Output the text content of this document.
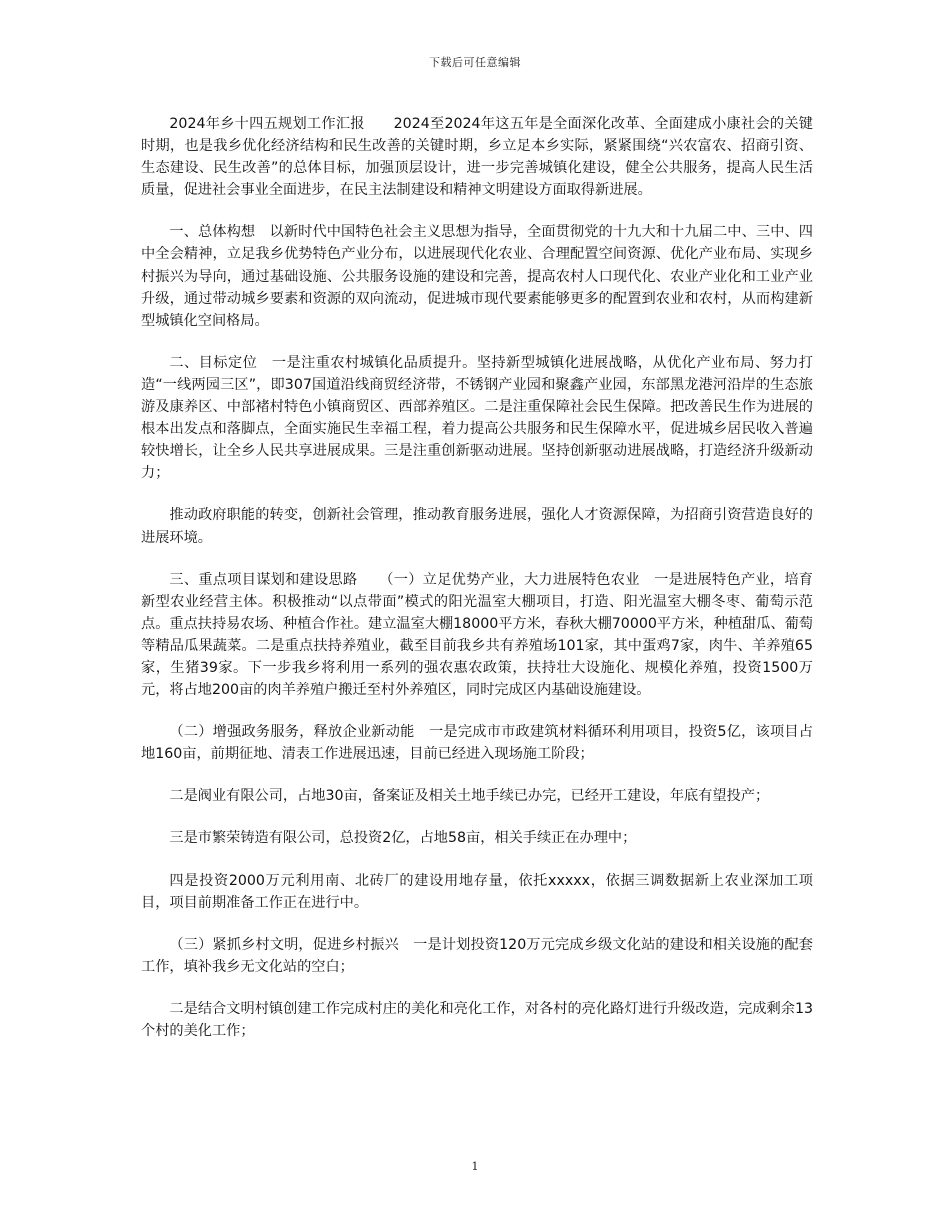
下载后可任意编辑

2024年乡十四五规划工作汇报　　2024至2024年这五年是全面深化改革、全面建成小康社会的关键时期，也是我乡优化经济结构和民生改善的关键时期，乡立足本乡实际，紧紧围绕“兴农富农、招商引资、生态建设、民生改善”的总体目标，加强顶层设计，进一步完善城镇化建设，健全公共服务，提高人民生活质量，促进社会事业全面进步，在民主法制建设和精神文明建设方面取得新进展。

一、总体构想　以新时代中国特色社会主义思想为指导，全面贯彻党的十九大和十九届二中、三中、四中全会精神，立足我乡优势特色产业分布，以进展现代化农业、合理配置空间资源、优化产业布局、实现乡村振兴为导向，通过基础设施、公共服务设施的建设和完善，提高农村人口现代化、农业产业化和工业产业升级，通过带动城乡要素和资源的双向流动，促进城市现代要素能够更多的配置到农业和农村，从而构建新型城镇化空间格局。

二、目标定位　一是注重农村城镇化品质提升。坚持新型城镇化进展战略，从优化产业布局、努力打造“一线两园三区”，即307国道沿线商贸经济带，不锈钢产业园和聚鑫产业园，东部黑龙港河沿岸的生态旅游及康养区、中部褚村特色小镇商贸区、西部养殖区。二是注重保障社会民生保障。把改善民生作为进展的根本出发点和落脚点，全面实施民生幸福工程，着力提高公共服务和民生保障水平，促进城乡居民收入普遍较快增长，让全乡人民共享进展成果。三是注重创新驱动进展。坚持创新驱动进展战略，打造经济升级新动力；

推动政府职能的转变，创新社会管理，推动教育服务进展，强化人才资源保障，为招商引资营造良好的进展环境。

三、重点项目谋划和建设思路　　（一）立足优势产业，大力进展特色农业　一是进展特色产业，培育新型农业经营主体。积极推动“以点带面”模式的阳光温室大棚项目，打造、阳光温室大棚冬枣、葡萄示范点。重点扶持易农场、种植合作社。建立温室大棚18000平方米，春秋大棚70000平方米，种植甜瓜、葡萄等精品瓜果蔬菜。二是重点扶持养殖业，截至目前我乡共有养殖场101家，其中蛋鸡7家，肉牛、羊养殖65家，生猪39家。下一步我乡将利用一系列的强农惠农政策，扶持壮大设施化、规模化养殖，投资1500万元，将占地200亩的肉羊养殖户搬迁至村外养殖区，同时完成区内基础设施建设。

（二）增强政务服务，释放企业新动能　一是完成市市政建筑材料循环利用项目，投资5亿，该项目占地160亩，前期征地、清表工作进展迅速，目前已经进入现场施工阶段；

二是阀业有限公司，占地30亩，备案证及相关土地手续已办完，已经开工建设，年底有望投产；

三是市繁荣铸造有限公司，总投资2亿，占地58亩，相关手续正在办理中；

四是投资2000万元利用南、北砖厂的建设用地存量，依托xxxxx，依据三调数据新上农业深加工项目，项目前期准备工作正在进行中。

（三）紧抓乡村文明，促进乡村振兴　一是计划投资120万元完成乡级文化站的建设和相关设施的配套工作，填补我乡无文化站的空白；

二是结合文明村镇创建工作完成村庄的美化和亮化工作，对各村的亮化路灯进行升级改造，完成剩余13个村的美化工作；

1
